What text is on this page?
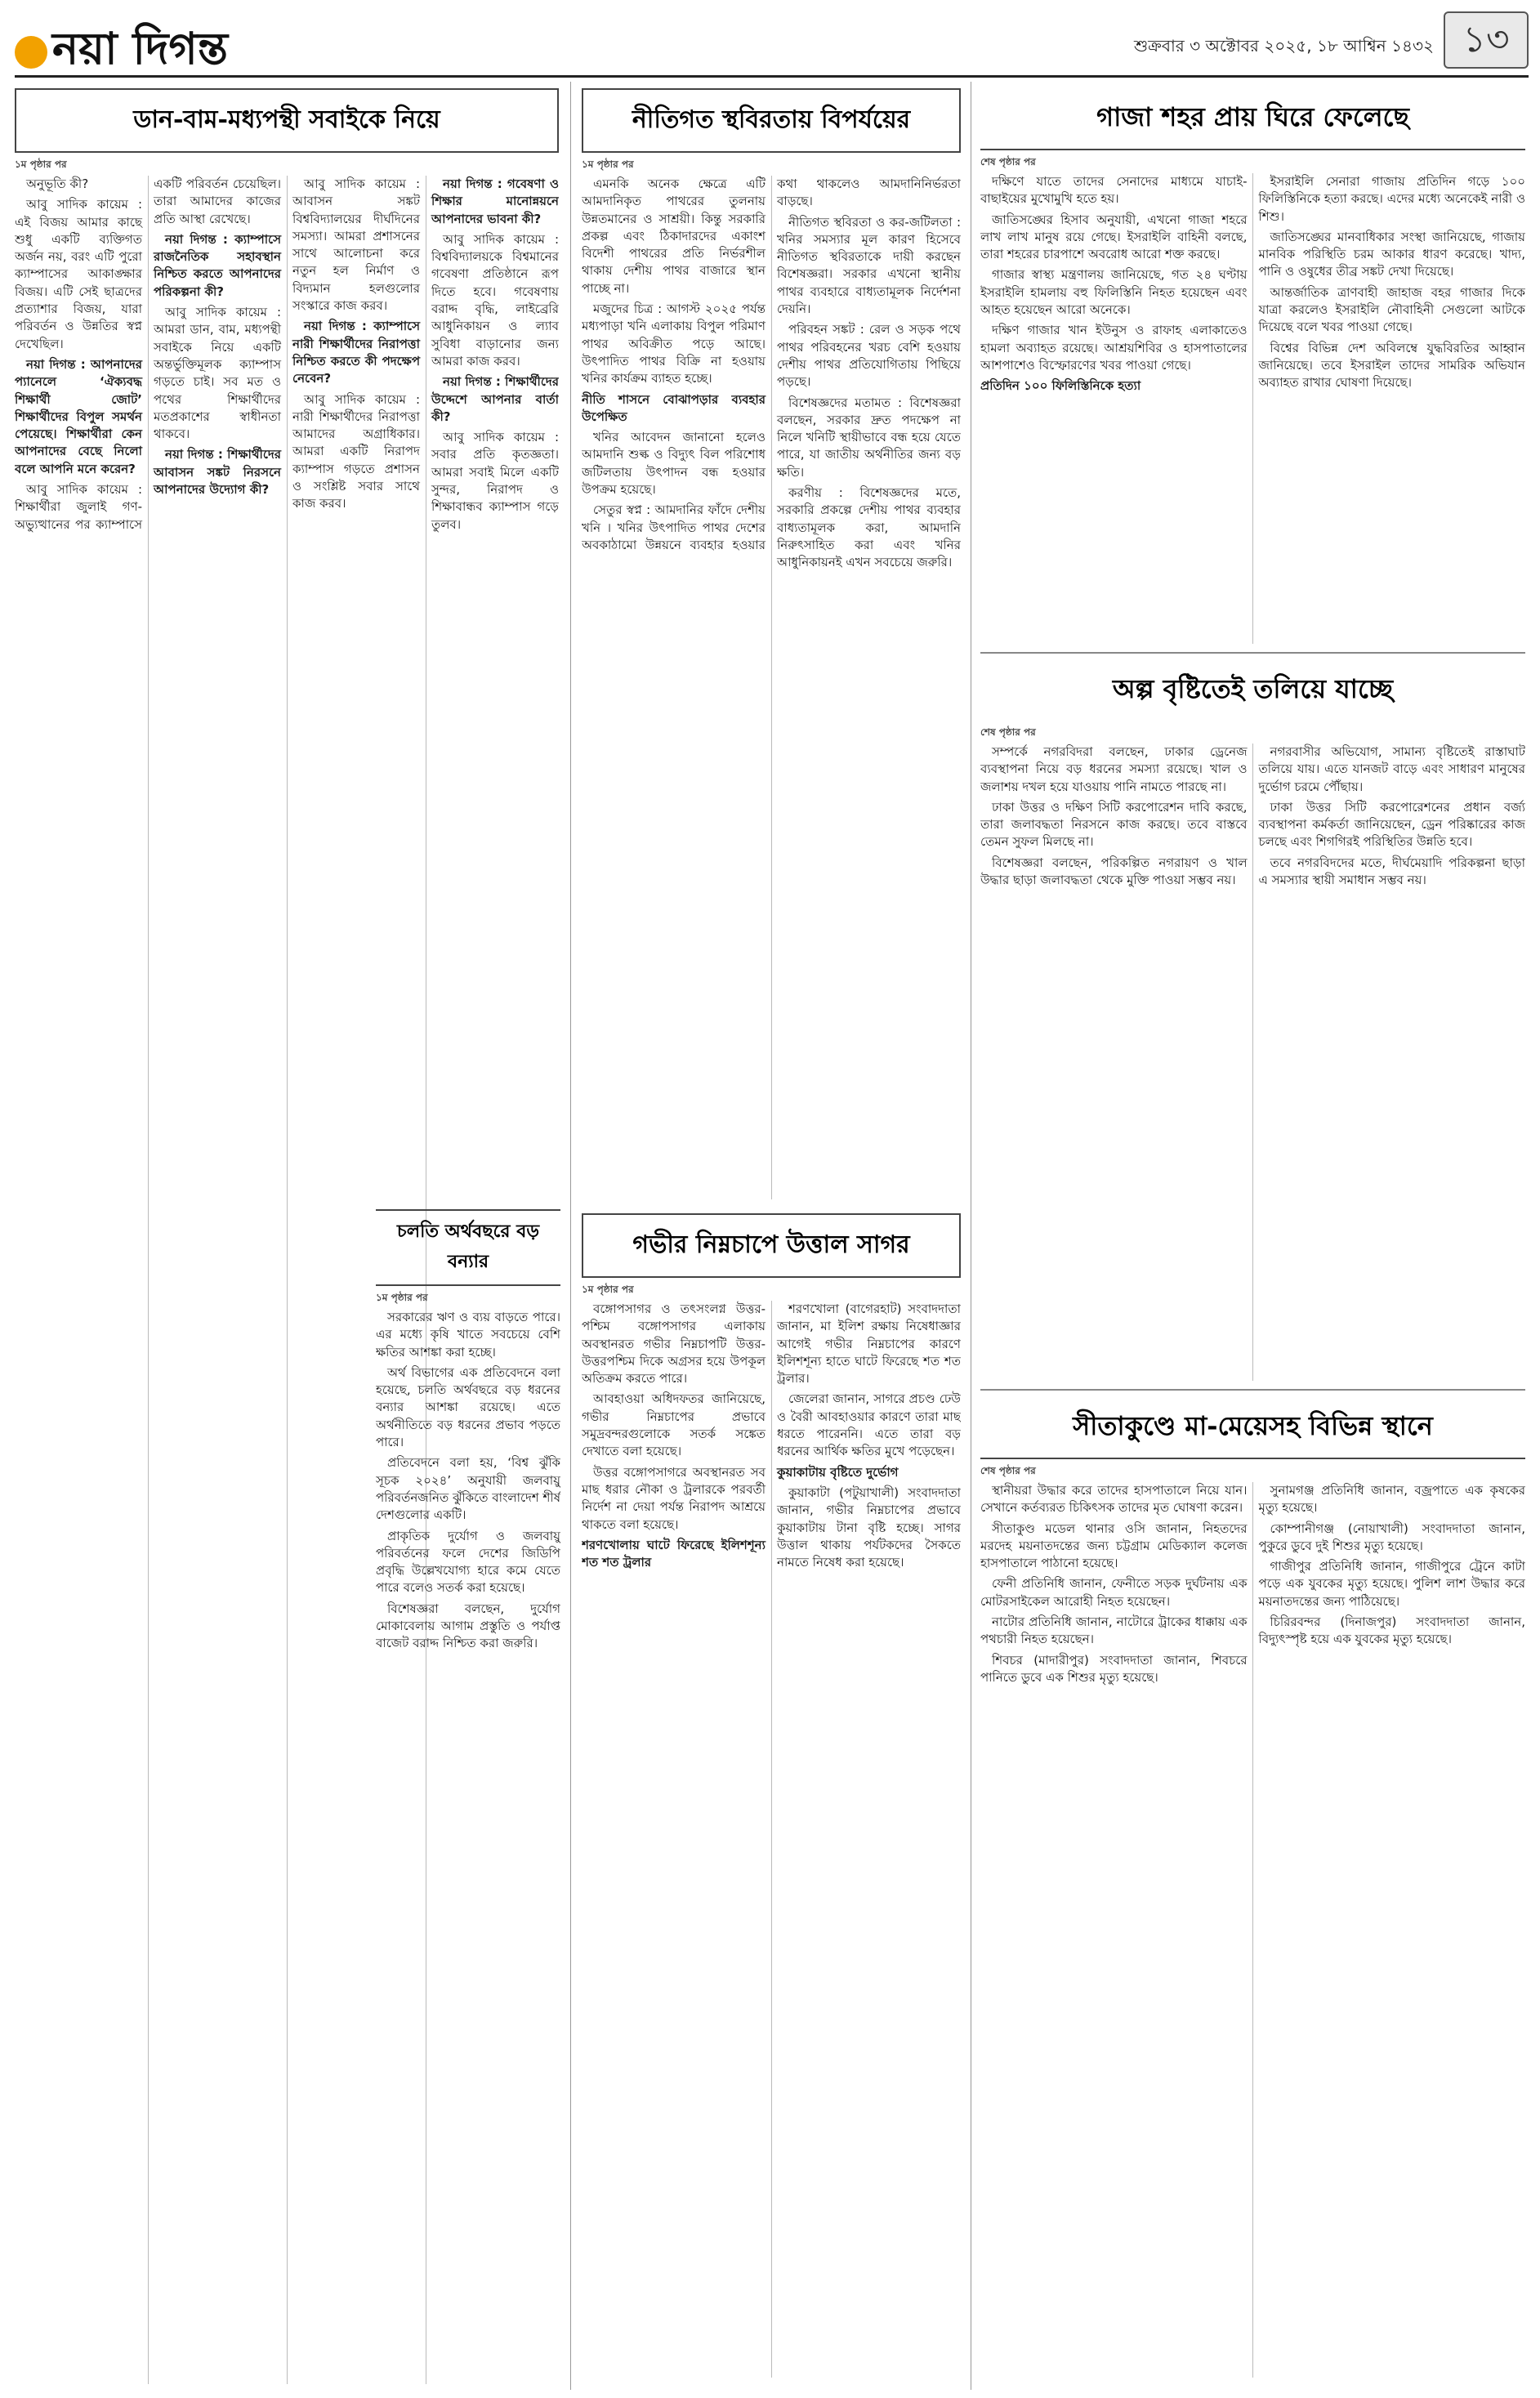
নয়া দিগন্ত	শুক্রবার ৩ অক্টোবর ২০২৫, ১৮ আশ্বিন ১৪৩২ ১৩
ডান-বাম-মধ্যপন্থী সবাইকে নিয়ে
১ম পৃষ্ঠার পর

অনুভূতি কী?

আবু সাদিক কায়েম : এই বিজয় আমার কাছে শুধু একটি ব্যক্তিগত অর্জন নয়, বরং এটি পুরো ক্যাম্পাসের আকাঙ্ক্ষার বিজয়। এটি সেই ছাত্রদের প্রত্যাশার বিজয়, যারা পরিবর্তন ও উন্নতির স্বপ্ন দেখেছিল।

নয়া দিগন্ত : আপনাদের প্যানেলে ‘ঐক্যবদ্ধ শিক্ষার্থী জোট’ শিক্ষার্থীদের বিপুল সমর্থন পেয়েছে। শিক্ষার্থীরা কেন আপনাদের বেছে নিলো বলে আপনি মনে করেন?

আবু সাদিক কায়েম : শিক্ষার্থীরা জুলাই গণ-অভ্যুত্থানের পর ক্যাম্পাসে একটি পরিবর্তন চেয়েছিল। তারা আমাদের কাজের প্রতি আস্থা রেখেছে।

নয়া দিগন্ত : ক্যাম্পাসে রাজনৈতিক সহাবস্থান নিশ্চিত করতে আপনাদের পরিকল্পনা কী?

আবু সাদিক কায়েম : আমরা ডান, বাম, মধ্যপন্থী সবাইকে নিয়ে একটি অন্তর্ভুক্তিমূলক ক্যাম্পাস গড়তে চাই। সব মত ও পথের শিক্ষার্থীদের মতপ্রকাশের স্বাধীনতা থাকবে।

নয়া দিগন্ত : শিক্ষার্থীদের আবাসন সঙ্কট নিরসনে আপনাদের উদ্যোগ কী?

আবু সাদিক কায়েম : আবাসন সঙ্কট বিশ্ববিদ্যালয়ের দীর্ঘদিনের সমস্যা। আমরা প্রশাসনের সাথে আলোচনা করে নতুন হল নির্মাণ ও বিদ্যমান হলগুলোর সংস্কারে কাজ করব।

নয়া দিগন্ত : ক্যাম্পাসে নারী শিক্ষার্থীদের নিরাপত্তা নিশ্চিত করতে কী পদক্ষেপ নেবেন?

আবু সাদিক কায়েম : নারী শিক্ষার্থীদের নিরাপত্তা আমাদের অগ্রাধিকার। আমরা একটি নিরাপদ ক্যাম্পাস গড়তে প্রশাসন ও সংশ্লিষ্ট সবার সাথে কাজ করব।

নয়া দিগন্ত : গবেষণা ও শিক্ষার মানোন্নয়নে আপনাদের ভাবনা কী?

আবু সাদিক কায়েম : বিশ্ববিদ্যালয়কে বিশ্বমানের গবেষণা প্রতিষ্ঠানে রূপ দিতে হবে। গবেষণায় বরাদ্দ বৃদ্ধি, লাইব্রেরি আধুনিকায়ন ও ল্যাব সুবিধা বাড়ানোর জন্য আমরা কাজ করব।

নয়া দিগন্ত : শিক্ষার্থীদের উদ্দেশে আপনার বার্তা কী?

আবু সাদিক কায়েম : সবার প্রতি কৃতজ্ঞতা। আমরা সবাই মিলে একটি সুন্দর, নিরাপদ ও শিক্ষাবান্ধব ক্যাম্পাস গড়ে তুলব।

নীতিগত স্থবিরতায় বিপর্যয়ের
১ম পৃষ্ঠার পর

এমনকি অনেক ক্ষেত্রে এটি আমদানিকৃত পাথরের তুলনায় উন্নতমানের ও সাশ্রয়ী। কিন্তু সরকারি প্রকল্প এবং ঠিকাদারদের একাংশ বিদেশী পাথরের প্রতি নির্ভরশীল থাকায় দেশীয় পাথর বাজারে স্থান পাচ্ছে না।

মজুদের চিত্র : আগস্ট ২০২৫ পর্যন্ত মধ্যপাড়া খনি এলাকায় বিপুল পরিমাণ পাথর অবিক্রীত পড়ে আছে। উৎপাদিত পাথর বিক্রি না হওয়ায় খনির কার্যক্রম ব্যাহত হচ্ছে।

নীতি শাসনে বোঝাপড়ার ব্যবহার উপেক্ষিত

খনির আবেদন জানানো হলেও আমদানি শুল্ক ও বিদ্যুৎ বিল পরিশোধ জটিলতায় উৎপাদন বন্ধ হওয়ার উপক্রম হয়েছে।

সেতুর স্বপ্ন : আমদানির ফাঁদে দেশীয় খনি । খনির উৎপাদিত পাথর দেশের অবকাঠামো উন্নয়নে ব্যবহার হওয়ার কথা থাকলেও আমদানিনির্ভরতা বাড়ছে।

নীতিগত স্থবিরতা ও কর-জটিলতা : খনির সমস্যার মূল কারণ হিসেবে নীতিগত স্থবিরতাকে দায়ী করছেন বিশেষজ্ঞরা। সরকার এখনো স্থানীয় পাথর ব্যবহারে বাধ্যতামূলক নির্দেশনা দেয়নি।

পরিবহন সঙ্কট : রেল ও সড়ক পথে পাথর পরিবহনের খরচ বেশি হওয়ায় দেশীয় পাথর প্রতিযোগিতায় পিছিয়ে পড়ছে।

বিশেষজ্ঞদের মতামত : বিশেষজ্ঞরা বলছেন, সরকার দ্রুত পদক্ষেপ না নিলে খনিটি স্থায়ীভাবে বন্ধ হয়ে যেতে পারে, যা জাতীয় অর্থনীতির জন্য বড় ক্ষতি।

করণীয় : বিশেষজ্ঞদের মতে, সরকারি প্রকল্পে দেশীয় পাথর ব্যবহার বাধ্যতামূলক করা, আমদানি নিরুৎসাহিত করা এবং খনির আধুনিকায়নই এখন সবচেয়ে জরুরি।

চলতি অর্থবছরে বড় বন্যার
১ম পৃষ্ঠার পর

সরকারের ঋণ ও ব্যয় বাড়তে পারে। এর মধ্যে কৃষি খাতে সবচেয়ে বেশি ক্ষতির আশঙ্কা করা হচ্ছে।

অর্থ বিভাগের এক প্রতিবেদনে বলা হয়েছে, চলতি অর্থবছরে বড় ধরনের বন্যার আশঙ্কা রয়েছে। এতে অর্থনীতিতে বড় ধরনের প্রভাব পড়তে পারে।

প্রতিবেদনে বলা হয়, ‘বিশ্ব ঝুঁকি সূচক ২০২৪’ অনুযায়ী জলবায়ু পরিবর্তনজনিত ঝুঁকিতে বাংলাদেশ শীর্ষ দেশগুলোর একটি।

প্রাকৃতিক দুর্যোগ ও জলবায়ু পরিবর্তনের ফলে দেশের জিডিপি প্রবৃদ্ধি উল্লেখযোগ্য হারে কমে যেতে পারে বলেও সতর্ক করা হয়েছে।

বিশেষজ্ঞরা বলছেন, দুর্যোগ মোকাবেলায় আগাম প্রস্তুতি ও পর্যাপ্ত বাজেট বরাদ্দ নিশ্চিত করা জরুরি।

গভীর নিম্নচাপে উত্তাল সাগর
১ম পৃষ্ঠার পর

বঙ্গোপসাগর ও তৎসংলগ্ন উত্তর-পশ্চিম বঙ্গোপসাগর এলাকায় অবস্থানরত গভীর নিম্নচাপটি উত্তর-উত্তরপশ্চিম দিকে অগ্রসর হয়ে উপকূল অতিক্রম করতে পারে।

আবহাওয়া অধিদফতর জানিয়েছে, গভীর নিম্নচাপের প্রভাবে সমুদ্রবন্দরগুলোকে সতর্ক সঙ্কেত দেখাতে বলা হয়েছে।

উত্তর বঙ্গোপসাগরে অবস্থানরত সব মাছ ধরার নৌকা ও ট্রলারকে পরবর্তী নির্দেশ না দেয়া পর্যন্ত নিরাপদ আশ্রয়ে থাকতে বলা হয়েছে।

শরণখোলায় ঘাটে ফিরেছে ইলিশশূন্য শত শত ট্রলার

শরণখোলা (বাগেরহাট) সংবাদদাতা জানান, মা ইলিশ রক্ষায় নিষেধাজ্ঞার আগেই গভীর নিম্নচাপের কারণে ইলিশশূন্য হাতে ঘাটে ফিরেছে শত শত ট্রলার।

জেলেরা জানান, সাগরে প্রচণ্ড ঢেউ ও বৈরী আবহাওয়ার কারণে তারা মাছ ধরতে পারেননি। এতে তারা বড় ধরনের আর্থিক ক্ষতির মুখে পড়েছেন।

কুয়াকাটায় বৃষ্টিতে দুর্ভোগ

কুয়াকাটা (পটুয়াখালী) সংবাদদাতা জানান, গভীর নিম্নচাপের প্রভাবে কুয়াকাটায় টানা বৃষ্টি হচ্ছে। সাগর উত্তাল থাকায় পর্যটকদের সৈকতে নামতে নিষেধ করা হয়েছে।

গাজা শহর প্রায় ঘিরে ফেলেছে
শেষ পৃষ্ঠার পর

দক্ষিণে যাতে তাদের সেনাদের মাধ্যমে যাচাই-বাছাইয়ের মুখোমুখি হতে হয়।

জাতিসঙ্ঘের হিসাব অনুযায়ী, এখনো গাজা শহরে লাখ লাখ মানুষ রয়ে গেছে। ইসরাইলি বাহিনী বলছে, তারা শহরের চারপাশে অবরোধ আরো শক্ত করছে।

গাজার স্বাস্থ্য মন্ত্রণালয় জানিয়েছে, গত ২৪ ঘণ্টায় ইসরাইলি হামলায় বহু ফিলিস্তিনি নিহত হয়েছেন এবং আহত হয়েছেন আরো অনেকে।

দক্ষিণ গাজার খান ইউনুস ও রাফাহ এলাকাতেও হামলা অব্যাহত রয়েছে। আশ্রয়শিবির ও হাসপাতালের আশপাশেও বিস্ফোরণের খবর পাওয়া গেছে।

প্রতিদিন ১০০ ফিলিস্তিনিকে হত্যা

ইসরাইলি সেনারা গাজায় প্রতিদিন গড়ে ১০০ ফিলিস্তিনিকে হত্যা করছে। এদের মধ্যে অনেকেই নারী ও শিশু।

জাতিসঙ্ঘের মানবাধিকার সংস্থা জানিয়েছে, গাজায় মানবিক পরিস্থিতি চরম আকার ধারণ করেছে। খাদ্য, পানি ও ওষুধের তীব্র সঙ্কট দেখা দিয়েছে।

আন্তর্জাতিক ত্রাণবাহী জাহাজ বহর গাজার দিকে যাত্রা করলেও ইসরাইলি নৌবাহিনী সেগুলো আটকে দিয়েছে বলে খবর পাওয়া গেছে।

বিশ্বের বিভিন্ন দেশ অবিলম্বে যুদ্ধবিরতির আহ্বান জানিয়েছে। তবে ইসরাইল তাদের সামরিক অভিযান অব্যাহত রাখার ঘোষণা দিয়েছে।

অল্প বৃষ্টিতেই তলিয়ে যাচ্ছে
শেষ পৃষ্ঠার পর

সম্পর্কে নগরবিদরা বলছেন, ঢাকার ড্রেনেজ ব্যবস্থাপনা নিয়ে বড় ধরনের সমস্যা রয়েছে। খাল ও জলাশয় দখল হয়ে যাওয়ায় পানি নামতে পারছে না।

ঢাকা উত্তর ও দক্ষিণ সিটি করপোরেশন দাবি করছে, তারা জলাবদ্ধতা নিরসনে কাজ করছে। তবে বাস্তবে তেমন সুফল মিলছে না।

বিশেষজ্ঞরা বলছেন, পরিকল্পিত নগরায়ণ ও খাল উদ্ধার ছাড়া জলাবদ্ধতা থেকে মুক্তি পাওয়া সম্ভব নয়।

নগরবাসীর অভিযোগ, সামান্য বৃষ্টিতেই রাস্তাঘাট তলিয়ে যায়। এতে যানজট বাড়ে এবং সাধারণ মানুষের দুর্ভোগ চরমে পৌঁছায়।

ঢাকা উত্তর সিটি করপোরেশনের প্রধান বর্জ্য ব্যবস্থাপনা কর্মকর্তা জানিয়েছেন, ড্রেন পরিষ্কারের কাজ চলছে এবং শিগগিরই পরিস্থিতির উন্নতি হবে।

তবে নগরবিদদের মতে, দীর্ঘমেয়াদি পরিকল্পনা ছাড়া এ সমস্যার স্থায়ী সমাধান সম্ভব নয়।

সীতাকুণ্ডে মা-মেয়েসহ বিভিন্ন স্থানে
শেষ পৃষ্ঠার পর

স্থানীয়রা উদ্ধার করে তাদের হাসপাতালে নিয়ে যান। সেখানে কর্তব্যরত চিকিৎসক তাদের মৃত ঘোষণা করেন।

সীতাকুণ্ড মডেল থানার ওসি জানান, নিহতদের মরদেহ ময়নাতদন্তের জন্য চট্টগ্রাম মেডিক্যাল কলেজ হাসপাতালে পাঠানো হয়েছে।

ফেনী প্রতিনিধি জানান, ফেনীতে সড়ক দুর্ঘটনায় এক মোটরসাইকেল আরোহী নিহত হয়েছেন।

নাটোর প্রতিনিধি জানান, নাটোরে ট্রাকের ধাক্কায় এক পথচারী নিহত হয়েছেন।

শিবচর (মাদারীপুর) সংবাদদাতা জানান, শিবচরে পানিতে ডুবে এক শিশুর মৃত্যু হয়েছে।

সুনামগঞ্জ প্রতিনিধি জানান, বজ্রপাতে এক কৃষকের মৃত্যু হয়েছে।

কোম্পানীগঞ্জ (নোয়াখালী) সংবাদদাতা জানান, পুকুরে ডুবে দুই শিশুর মৃত্যু হয়েছে।

গাজীপুর প্রতিনিধি জানান, গাজীপুরে ট্রেনে কাটা পড়ে এক যুবকের মৃত্যু হয়েছে। পুলিশ লাশ উদ্ধার করে ময়নাতদন্তের জন্য পাঠিয়েছে।

চিরিরবন্দর (দিনাজপুর) সংবাদদাতা জানান, বিদ্যুৎস্পৃষ্ট হয়ে এক যুবকের মৃত্যু হয়েছে।
